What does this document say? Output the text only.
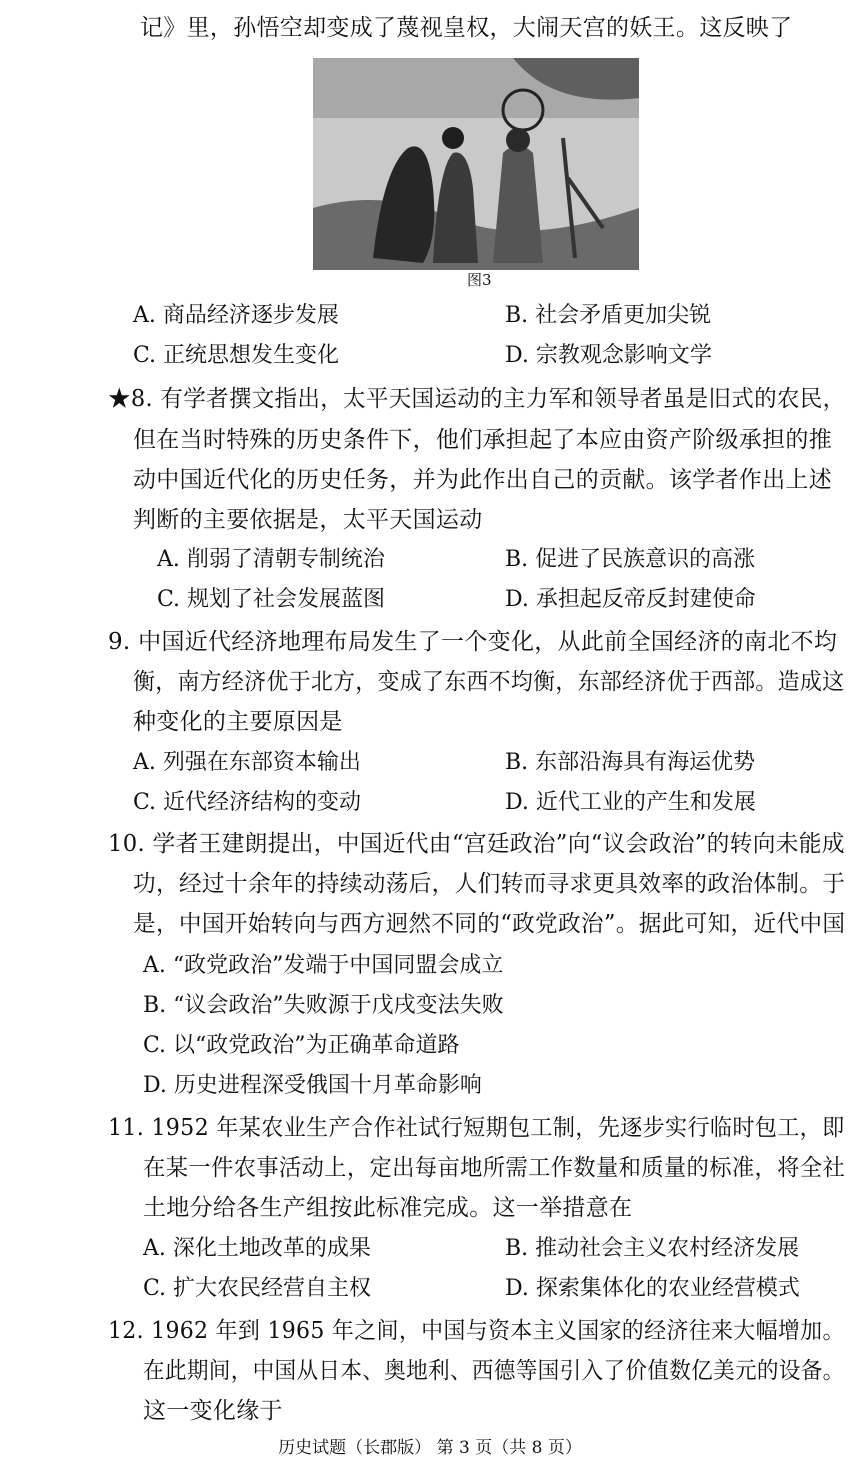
记》里，孙悟空却变成了蔑视皇权，大闹天宫的妖王。这反映了
图3
A. 商品经济逐步发展	B. 社会矛盾更加尖锐
C. 正统思想发生变化	D. 宗教观念影响文学
★8. 有学者撰文指出，太平天国运动的主力军和领导者虽是旧式的农民，
但在当时特殊的历史条件下，他们承担起了本应由资产阶级承担的推
动中国近代化的历史任务，并为此作出自己的贡献。该学者作出上述
判断的主要依据是，太平天国运动
A. 削弱了清朝专制统治	B. 促进了民族意识的高涨
C. 规划了社会发展蓝图	D. 承担起反帝反封建使命
9. 中国近代经济地理布局发生了一个变化，从此前全国经济的南北不均
衡，南方经济优于北方，变成了东西不均衡，东部经济优于西部。造成这
种变化的主要原因是
A. 列强在东部资本输出	B. 东部沿海具有海运优势
C. 近代经济结构的变动	D. 近代工业的产生和发展
10. 学者王建朗提出，中国近代由“宫廷政治”向“议会政治”的转向未能成
功，经过十余年的持续动荡后，人们转而寻求更具效率的政治体制。于
是，中国开始转向与西方迥然不同的“政党政治”。据此可知，近代中国
A. “政党政治”发端于中国同盟会成立
B. “议会政治”失败源于戊戌变法失败
C. 以“政党政治”为正确革命道路
D. 历史进程深受俄国十月革命影响
11. 1952 年某农业生产合作社试行短期包工制，先逐步实行临时包工，即
在某一件农事活动上，定出每亩地所需工作数量和质量的标准，将全社
土地分给各生产组按此标准完成。这一举措意在
A. 深化土地改革的成果	B. 推动社会主义农村经济发展
C. 扩大农民经营自主权	D. 探索集体化的农业经营模式
12. 1962 年到 1965 年之间，中国与资本主义国家的经济往来大幅增加。
在此期间，中国从日本、奥地利、西德等国引入了价值数亿美元的设备。
这一变化缘于
历史试题（长郡版） 第 3 页（共 8 页）
